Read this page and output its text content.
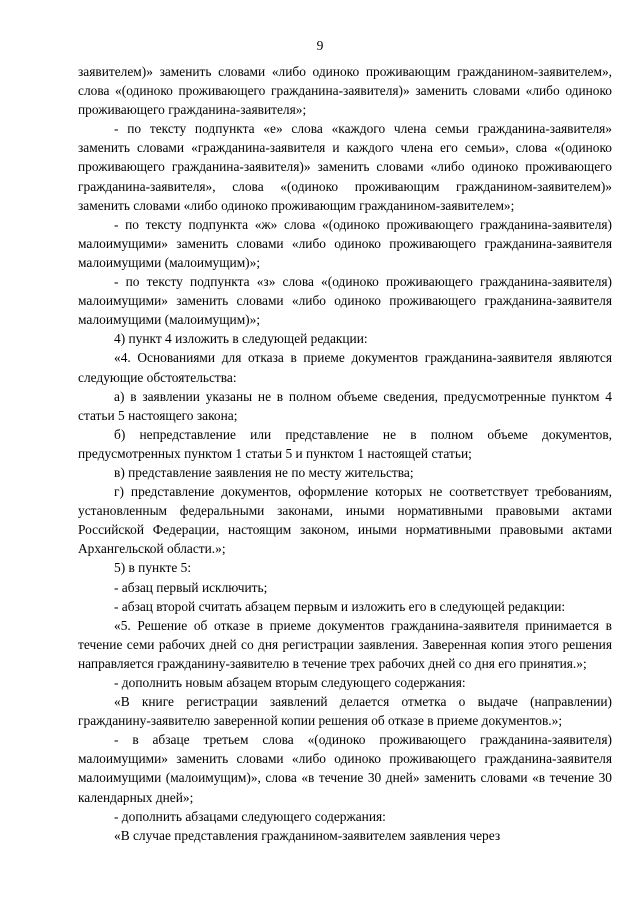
9

заявителем)» заменить словами «либо одиноко проживающим гражданином-заявителем», слова «(одиноко проживающего гражданина-заявителя)» заменить словами «либо одиноко проживающего гражданина-заявителя»;

- по тексту подпункта «е» слова «каждого члена семьи гражданина-заявителя» заменить словами «гражданина-заявителя и каждого члена его семьи», слова «(одиноко проживающего гражданина-заявителя)» заменить словами «либо одиноко проживающего гражданина-заявителя», слова «(одиноко проживающим гражданином-заявителем)» заменить словами «либо одиноко проживающим гражданином-заявителем»;

- по тексту подпункта «ж» слова «(одиноко проживающего гражданина-заявителя) малоимущими» заменить словами «либо одиноко проживающего гражданина-заявителя малоимущими (малоимущим)»;

- по тексту подпункта «з» слова «(одиноко проживающего гражданина-заявителя) малоимущими» заменить словами «либо одиноко проживающего гражданина-заявителя малоимущими (малоимущим)»;

4) пункт 4 изложить в следующей редакции:

«4. Основаниями для отказа в приеме документов гражданина-заявителя являются следующие обстоятельства:

а) в заявлении указаны не в полном объеме сведения, предусмотренные пунктом 4 статьи 5 настоящего закона;

б) непредставление или представление не в полном объеме документов, предусмотренных пунктом 1 статьи 5 и пунктом 1 настоящей статьи;

в) представление заявления не по месту жительства;

г) представление документов, оформление которых не соответствует требованиям, установленным федеральными законами, иными нормативными правовыми актами Российской Федерации, настоящим законом, иными нормативными правовыми актами Архангельской области.»;

5) в пункте 5:

- абзац первый исключить;

- абзац второй считать абзацем первым и изложить его в следующей редакции:

«5. Решение об отказе в приеме документов гражданина-заявителя принимается в течение семи рабочих дней со дня регистрации заявления. Заверенная копия этого решения направляется гражданину-заявителю в течение трех рабочих дней со дня его принятия.»;

- дополнить новым абзацем вторым следующего содержания:

«В книге регистрации заявлений делается отметка о выдаче (направлении) гражданину-заявителю заверенной копии решения об отказе в приеме документов.»;

- в абзаце третьем слова «(одиноко проживающего гражданина-заявителя) малоимущими» заменить словами «либо одиноко проживающего гражданина-заявителя малоимущими (малоимущим)», слова «в течение 30 дней» заменить словами «в течение 30 календарных дней»;

- дополнить абзацами следующего содержания:

«В случае представления гражданином-заявителем заявления через
